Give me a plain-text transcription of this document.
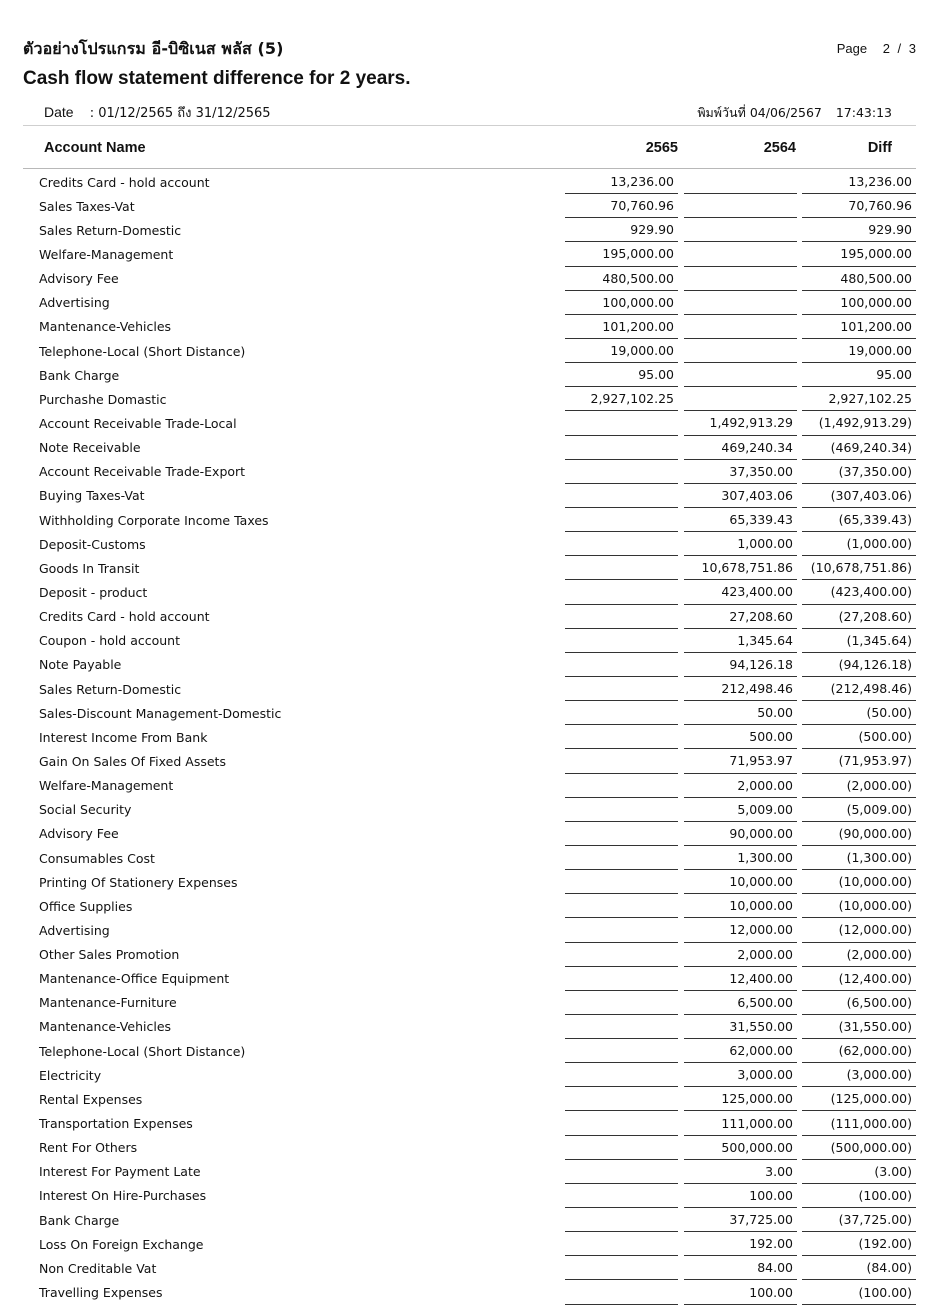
ตัวอย่างโปรแกรม อี-บิซิเนส พลัส (5)	Page 2 / 3
Cash flow statement difference for 2 years.
Date : 01/12/2565 ถึง 31/12/2565	พิมพ์วันที่ 04/06/2567 17:43:13
Account Name	2565	2564	Diff
Credits Card - hold account	13,236.00				13,236.00
Sales Taxes-Vat	70,760.96				70,760.96
Sales Return-Domestic	929.90				929.90
Welfare-Management	195,000.00				195,000.00
Advisory Fee	480,500.00				480,500.00
Advertising	100,000.00				100,000.00
Mantenance-Vehicles	101,200.00				101,200.00
Telephone-Local (Short Distance)	19,000.00				19,000.00
Bank Charge	95.00				95.00
Purchashe Domastic	2,927,102.25				2,927,102.25
Account Receivable Trade-Local			1,492,913.29		(1,492,913.29)
Note Receivable			469,240.34		(469,240.34)
Account Receivable Trade-Export			37,350.00		(37,350.00)
Buying Taxes-Vat			307,403.06		(307,403.06)
Withholding Corporate Income Taxes			65,339.43		(65,339.43)
Deposit-Customs			1,000.00		(1,000.00)
Goods In Transit			10,678,751.86		(10,678,751.86)
Deposit - product			423,400.00		(423,400.00)
Credits Card - hold account			27,208.60		(27,208.60)
Coupon - hold account			1,345.64		(1,345.64)
Note Payable			94,126.18		(94,126.18)
Sales Return-Domestic			212,498.46		(212,498.46)
Sales-Discount Management-Domestic			50.00		(50.00)
Interest Income From Bank			500.00		(500.00)
Gain On Sales Of Fixed Assets			71,953.97		(71,953.97)
Welfare-Management			2,000.00		(2,000.00)
Social Security			5,009.00		(5,009.00)
Advisory Fee			90,000.00		(90,000.00)
Consumables Cost			1,300.00		(1,300.00)
Printing Of Stationery Expenses			10,000.00		(10,000.00)
Office Supplies			10,000.00		(10,000.00)
Advertising			12,000.00		(12,000.00)
Other Sales Promotion			2,000.00		(2,000.00)
Mantenance-Office Equipment			12,400.00		(12,400.00)
Mantenance-Furniture			6,500.00		(6,500.00)
Mantenance-Vehicles			31,550.00		(31,550.00)
Telephone-Local (Short Distance)			62,000.00		(62,000.00)
Electricity			3,000.00		(3,000.00)
Rental Expenses			125,000.00		(125,000.00)
Transportation Expenses			111,000.00		(111,000.00)
Rent For Others			500,000.00		(500,000.00)
Interest For Payment Late			3.00		(3.00)
Interest On Hire-Purchases			100.00		(100.00)
Bank Charge			37,725.00		(37,725.00)
Loss On Foreign Exchange			192.00		(192.00)
Non Creditable Vat			84.00		(84.00)
Travelling Expenses			100.00		(100.00)
